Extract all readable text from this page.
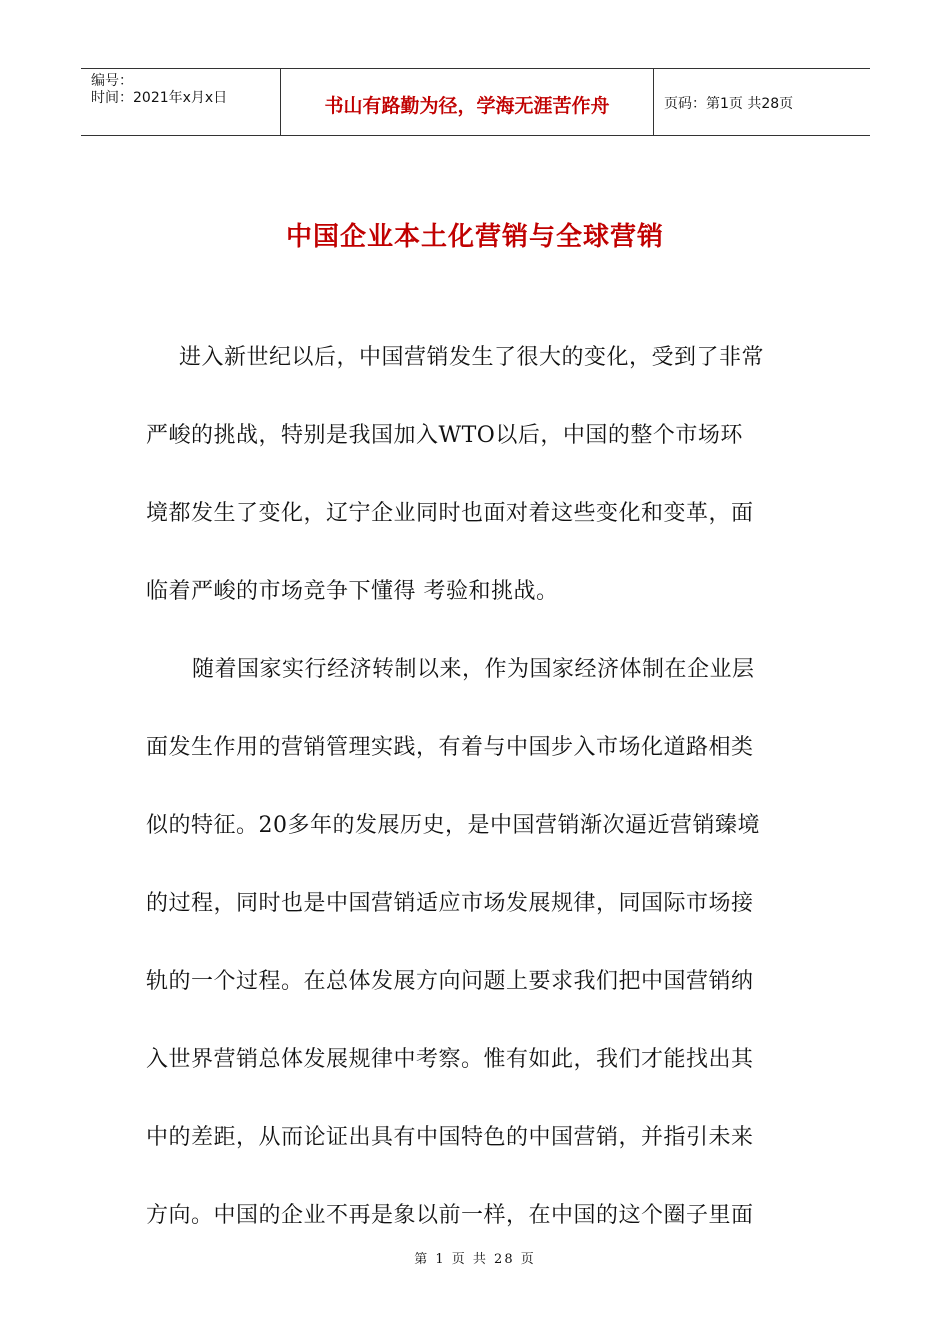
编号：
时间：2021年x月x日	书山有路勤为径，学海无涯苦作舟	页码：第1页 共28页
中国企业本土化营销与全球营销
进入新世纪以后，中国营销发生了很大的变化，受到了非常
严峻的挑战，特别是我国加入WTO以后，中国的整个市场环
境都发生了变化，辽宁企业同时也面对着这些变化和变革，面
临着严峻的市场竞争下懂得 考验和挑战。
随着国家实行经济转制以来，作为国家经济体制在企业层
面发生作用的营销管理实践，有着与中国步入市场化道路相类
似的特征。20多年的发展历史，是中国营销渐次逼近营销臻境
的过程，同时也是中国营销适应市场发展规律，同国际市场接
轨的一个过程。在总体发展方向问题上要求我们把中国营销纳
入世界营销总体发展规律中考察。惟有如此，我们才能找出其
中的差距，从而论证出具有中国特色的中国营销，并指引未来
方向。中国的企业不再是象以前一样，在中国的这个圈子里面
第 1 页 共 28 页
